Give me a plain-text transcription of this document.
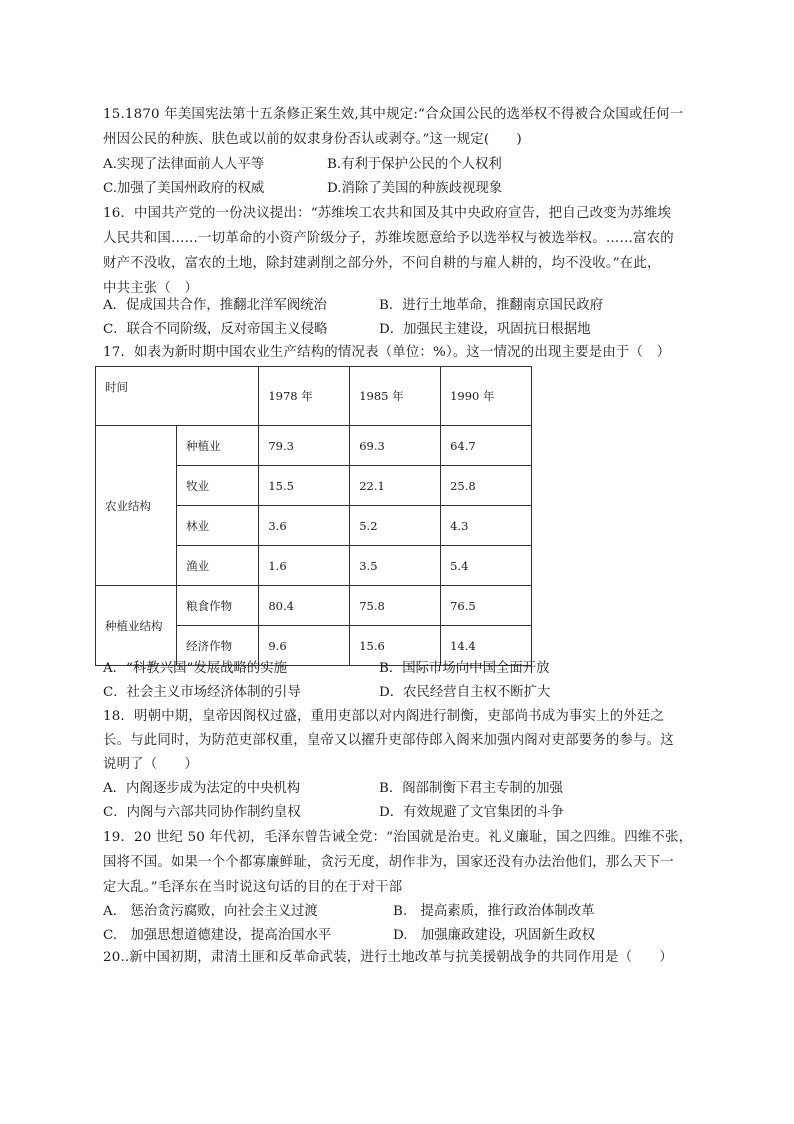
15.1870 年美国宪法第十五条修正案生效,其中规定:“合众国公民的选举权不得被合众国或任何一
州因公民的种族、肤色或以前的奴隶身份否认或剥夺。”这一规定(　　)
A.实现了法律面前人人平等	B.有利于保护公民的个人权利
C.加强了美国州政府的权威	D.消除了美国的种族歧视现象
16．中国共产党的一份决议提出：“苏维埃工农共和国及其中央政府宣告，把自己改变为苏维埃
人民共和国……一切革命的小资产阶级分子，苏维埃愿意给予以选举权与被选举权。……富农的
财产不没收，富农的土地，除封建剥削之部分外，不问自耕的与雇人耕的，均不没收。”在此，
中共主张（　）
A．促成国共合作，推翻北洋军阀统治	B．进行土地革命，推翻南京国民政府
C．联合不同阶级，反对帝国主义侵略	D．加强民主建设，巩固抗日根据地
17．如表为新时期中国农业生产结构的情况表（单位：%）。这一情况的出现主要是由于（　）
时间		1978 年	1985 年	1990 年
农业结构	种植业	79.3	69.3	64.7
	牧业	15.5	22.1	25.8
	林业	3.6	5.2	4.3
	渔业	1.6	3.5	5.4
种植业结构	粮食作物	80.4	75.8	76.5
	经济作物	9.6	15.6	14.4
A．“科教兴国”发展战略的实施	B．国际市场向中国全面开放
C．社会主义市场经济体制的引导	D．农民经营自主权不断扩大
18．明朝中期，皇帝因阁权过盛，重用吏部以对内阁进行制衡，吏部尚书成为事实上的外廷之
长。与此同时，为防范吏部权重，皇帝又以擢升吏部侍郎入阁来加强内阁对吏部要务的参与。这
说明了（　　）
A．内阁逐步成为法定的中央机构	B．阁部制衡下君主专制的加强
C．内阁与六部共同协作制约皇权	D．有效规避了文官集团的斗争
19．20 世纪 50 年代初，毛泽东曾告诫全党：“治国就是治吏。礼义廉耻，国之四维。四维不张，
国将不国。如果一个个都寡廉鲜耻，贪污无度，胡作非为，国家还没有办法治他们，那么天下一
定大乱。”毛泽东在当时说这句话的目的在于对干部
A.　惩治贪污腐败，向社会主义过渡	B.　提高素质，推行政治体制改革
C.　加强思想道德建设，提高治国水平	D.　加强廉政建设，巩固新生政权
20..新中国初期，肃清土匪和反革命武装，进行土地改革与抗美援朝战争的共同作用是（　　）
